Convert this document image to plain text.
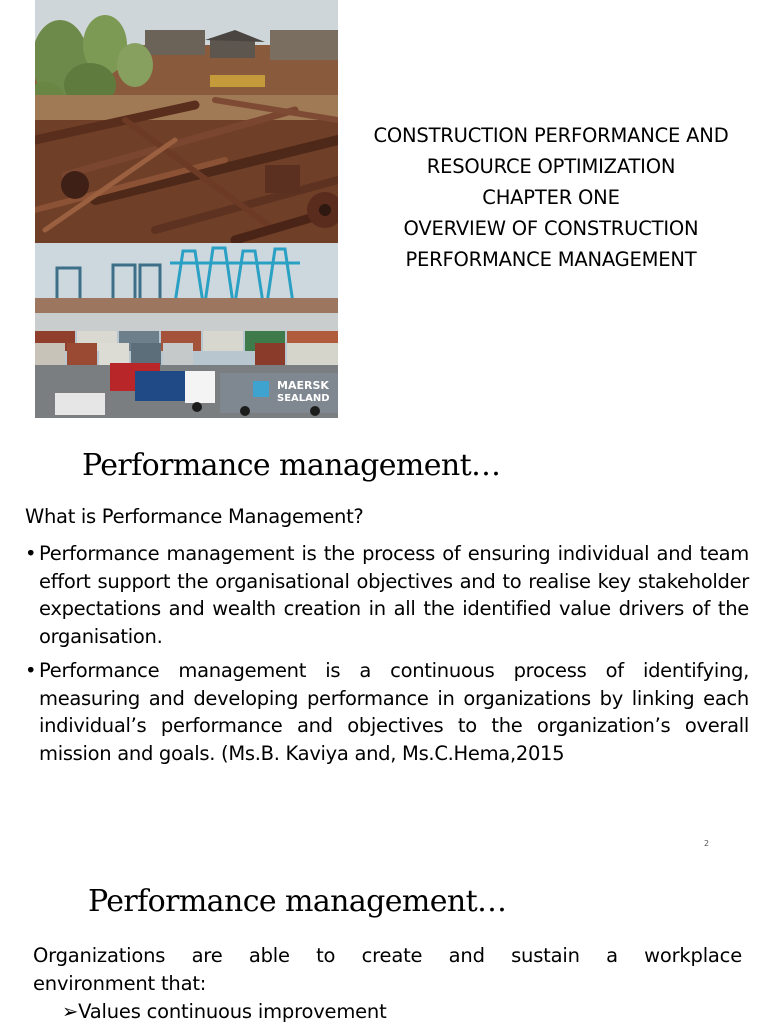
MAERSK
SEALAND
CONSTRUCTION PERFORMANCE AND
RESOURCE OPTIMIZATION
CHAPTER ONE
OVERVIEW OF CONSTRUCTION
PERFORMANCE MANAGEMENT
Performance management…
What is Performance Management?
• Performance management is the process of ensuring individual and team effort support the organisational objectives and to realise key stakeholder expectations and wealth creation in all the identified value drivers of the organisation.
• Performance management is a continuous process of identifying, measuring and developing performance in organizations by linking each individual’s performance and objectives to the organization’s overall mission and goals. (Ms.B. Kaviya and, Ms.C.Hema,2015
2
Performance management…
Organizations are able to create and sustain a workplace
environment that:
➢Values continuous improvement
